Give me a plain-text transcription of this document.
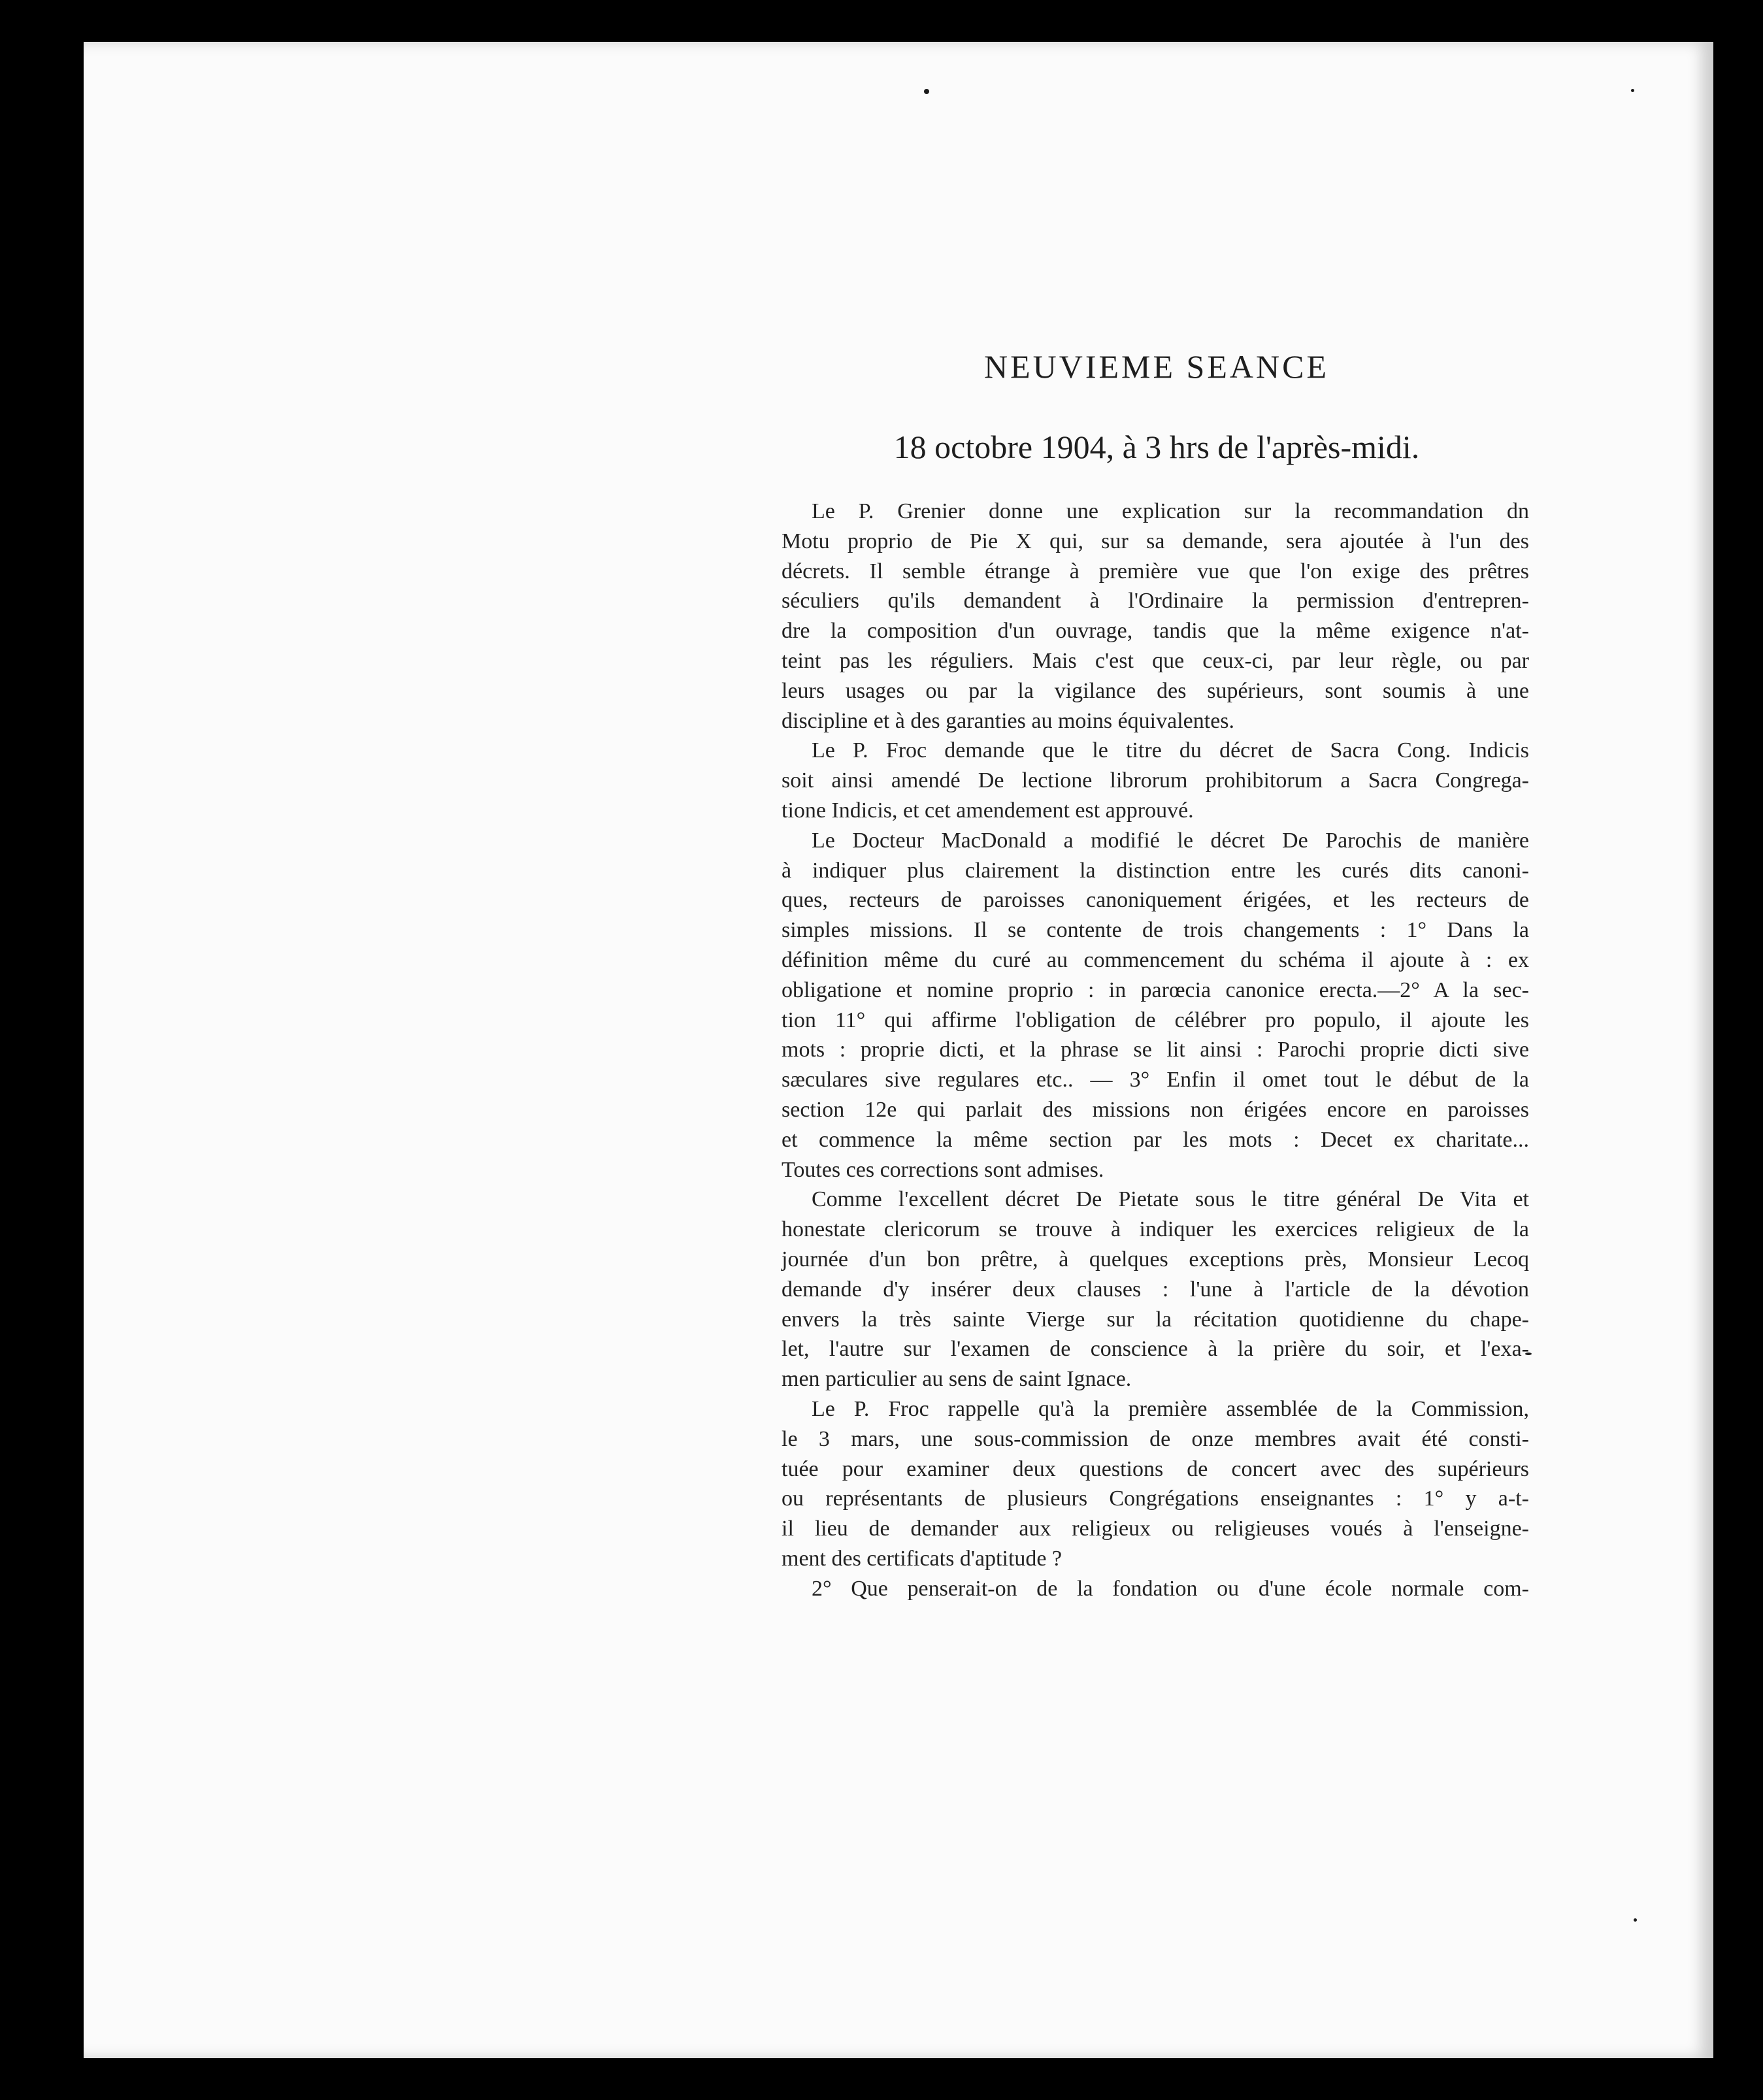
NEUVIEME SEANCE
18 octobre 1904, à 3 hrs de l'après-midi.

Le P. Grenier donne une explication sur la recommandation dn
Motu proprio de Pie X qui, sur sa demande, sera ajoutée à l'un des
décrets. Il semble étrange à première vue que l'on exige des prêtres
séculiers qu'ils demandent à l'Ordinaire la permission d'entrepren-
dre la composition d'un ouvrage, tandis que la même exigence n'at-
teint pas les réguliers. Mais c'est que ceux-ci, par leur règle, ou par
leurs usages ou par la vigilance des supérieurs, sont soumis à une
discipline et à des garanties au moins équivalentes.

Le P. Froc demande que le titre du décret de Sacra Cong. Indicis
soit ainsi amendé De lectione librorum prohibitorum a Sacra Congrega-
tione Indicis, et cet amendement est approuvé.

Le Docteur MacDonald a modifié le décret De Parochis de manière
à indiquer plus clairement la distinction entre les curés dits canoni-
ques, recteurs de paroisses canoniquement érigées, et les recteurs de
simples missions. Il se contente de trois changements : 1° Dans la
définition même du curé au commencement du schéma il ajoute à : ex
obligatione et nomine proprio : in parœcia canonice erecta.—2° A la sec-
tion 11° qui affirme l'obligation de célébrer pro populo, il ajoute les
mots : proprie dicti, et la phrase se lit ainsi : Parochi proprie dicti sive
sæculares sive regulares etc.. — 3° Enfin il omet tout le début de la
section 12e qui parlait des missions non érigées encore en paroisses
et commence la même section par les mots : Decet ex charitate...
Toutes ces corrections sont admises.

Comme l'excellent décret De Pietate sous le titre général De Vita et
honestate clericorum se trouve à indiquer les exercices religieux de la
journée d'un bon prêtre, à quelques exceptions près, Monsieur Lecoq
demande d'y insérer deux clauses : l'une à l'article de la dévotion
envers la très sainte Vierge sur la récitation quotidienne du chape-
let, l'autre sur l'examen de conscience à la prière du soir, et l'exa-
men particulier au sens de saint Ignace.

Le P. Froc rappelle qu'à la première assemblée de la Commission,
le 3 mars, une sous-commission de onze membres avait été consti-
tuée pour examiner deux questions de concert avec des supérieurs
ou représentants de plusieurs Congrégations enseignantes : 1° y a-t-
il lieu de demander aux religieux ou religieuses voués à l'enseigne-
ment des certificats d'aptitude ?

2° Que penserait-on de la fondation ou d'une école normale com-
